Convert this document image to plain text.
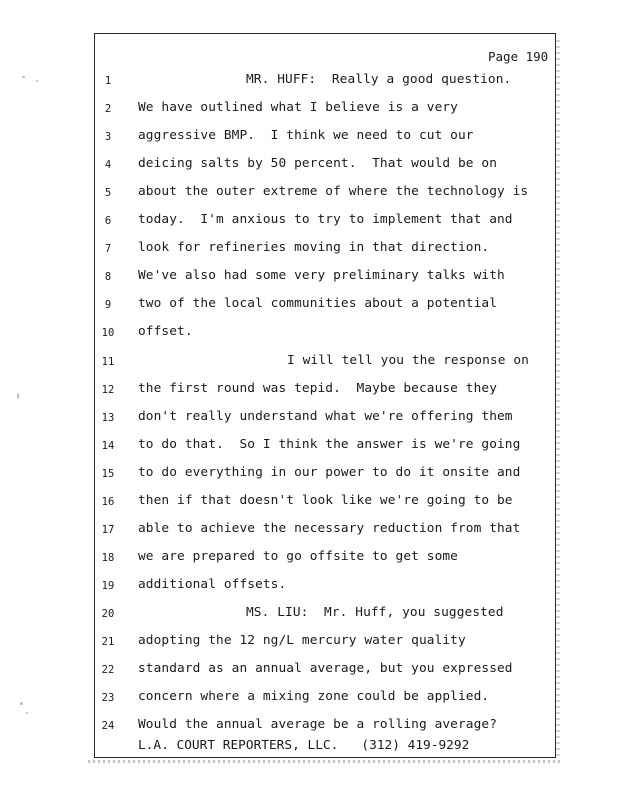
Page 190
1	MR. HUFF:  Really a good question.
2	We have outlined what I believe is a very
3	aggressive BMP.  I think we need to cut our
4	deicing salts by 50 percent.  That would be on
5	about the outer extreme of where the technology is
6	today.  I'm anxious to try to implement that and
7	look for refineries moving in that direction.
8	We've also had some very preliminary talks with
9	two of the local communities about a potential
10 offset.
11	I will tell you the response on
12 the first round was tepid.  Maybe because they
13 don't really understand what we're offering them
14 to do that.  So I think the answer is we're going
15 to do everything in our power to do it onsite and
16 then if that doesn't look like we're going to be
17 able to achieve the necessary reduction from that
18 we are prepared to go offsite to get some
19 additional offsets.
20	MS. LIU:  Mr. Huff, you suggested
21 adopting the 12 ng/L mercury water quality
22 standard as an annual average, but you expressed
23 concern where a mixing zone could be applied.
24 Would the annual average be a rolling average?
L.A. COURT REPORTERS, LLC.   (312) 419-9292
